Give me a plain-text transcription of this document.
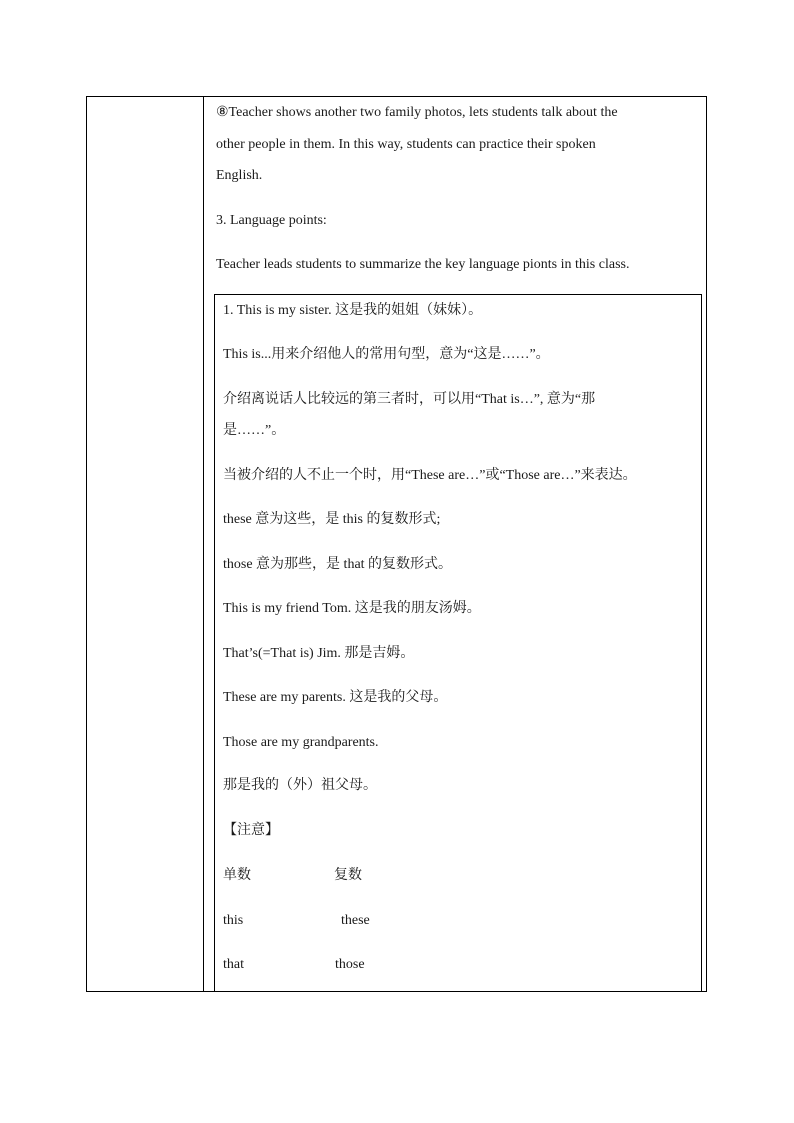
⑧Teacher shows another two family photos, lets students talk about the

other people in them. In this way, students can practice their spoken

English.

3. Language points:

Teacher leads students to summarize the key language pionts in this class.

1. This is my sister. 这是我的姐姐（妹妹）。

This is...用来介绍他人的常用句型，意为“这是……”。

介绍离说话人比较远的第三者时，可以用“That is…”, 意为“那

是……”。

当被介绍的人不止一个时，用“These are…”或“Those are…”来表达。

these 意为这些，是 this 的复数形式;

those 意为那些，是 that 的复数形式。

This is my friend Tom. 这是我的朋友汤姆。

That’s(=That is) Jim. 那是吉姆。

These are my parents. 这是我的父母。

Those are my grandparents.

那是我的（外）祖父母。

【注意】

单数	复数
this	these
that	those
